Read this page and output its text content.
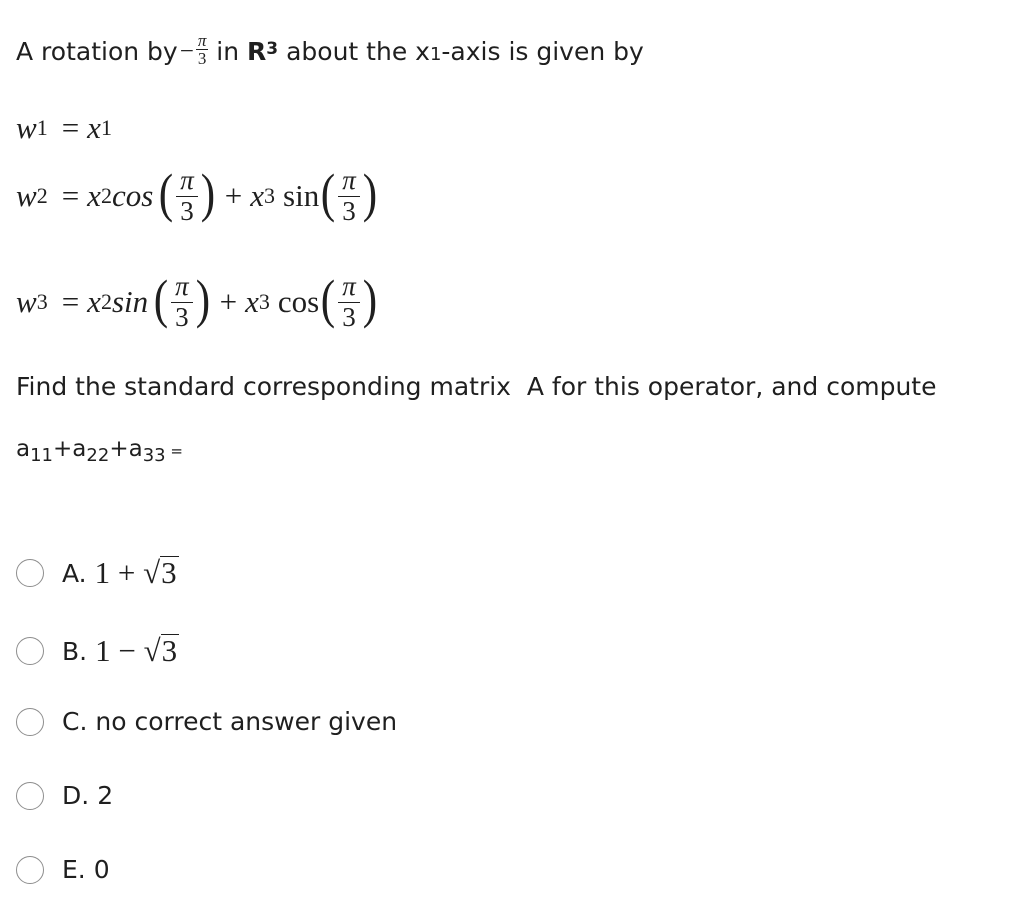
A rotation by − $\frac{\pi}{3}$ in $R^3$ about the x 1 -axis is given by
w 1 = x 1
w 2 = x 2 cos ( $\frac{\pi}{3}$ ) + x 3 sin ( $\frac{\pi}{3}$ )
w 3 = x 2 sin ( $\frac{\pi}{3}$ ) + x 3 cos ( $\frac{\pi}{3}$ )
Find the standard corresponding matrix  A for this operator, and compute
a 11 + a 22 + a 33 =
A. 1 + √3
B. 1 − √3
C. no correct answer given
D. 2
E. 0
